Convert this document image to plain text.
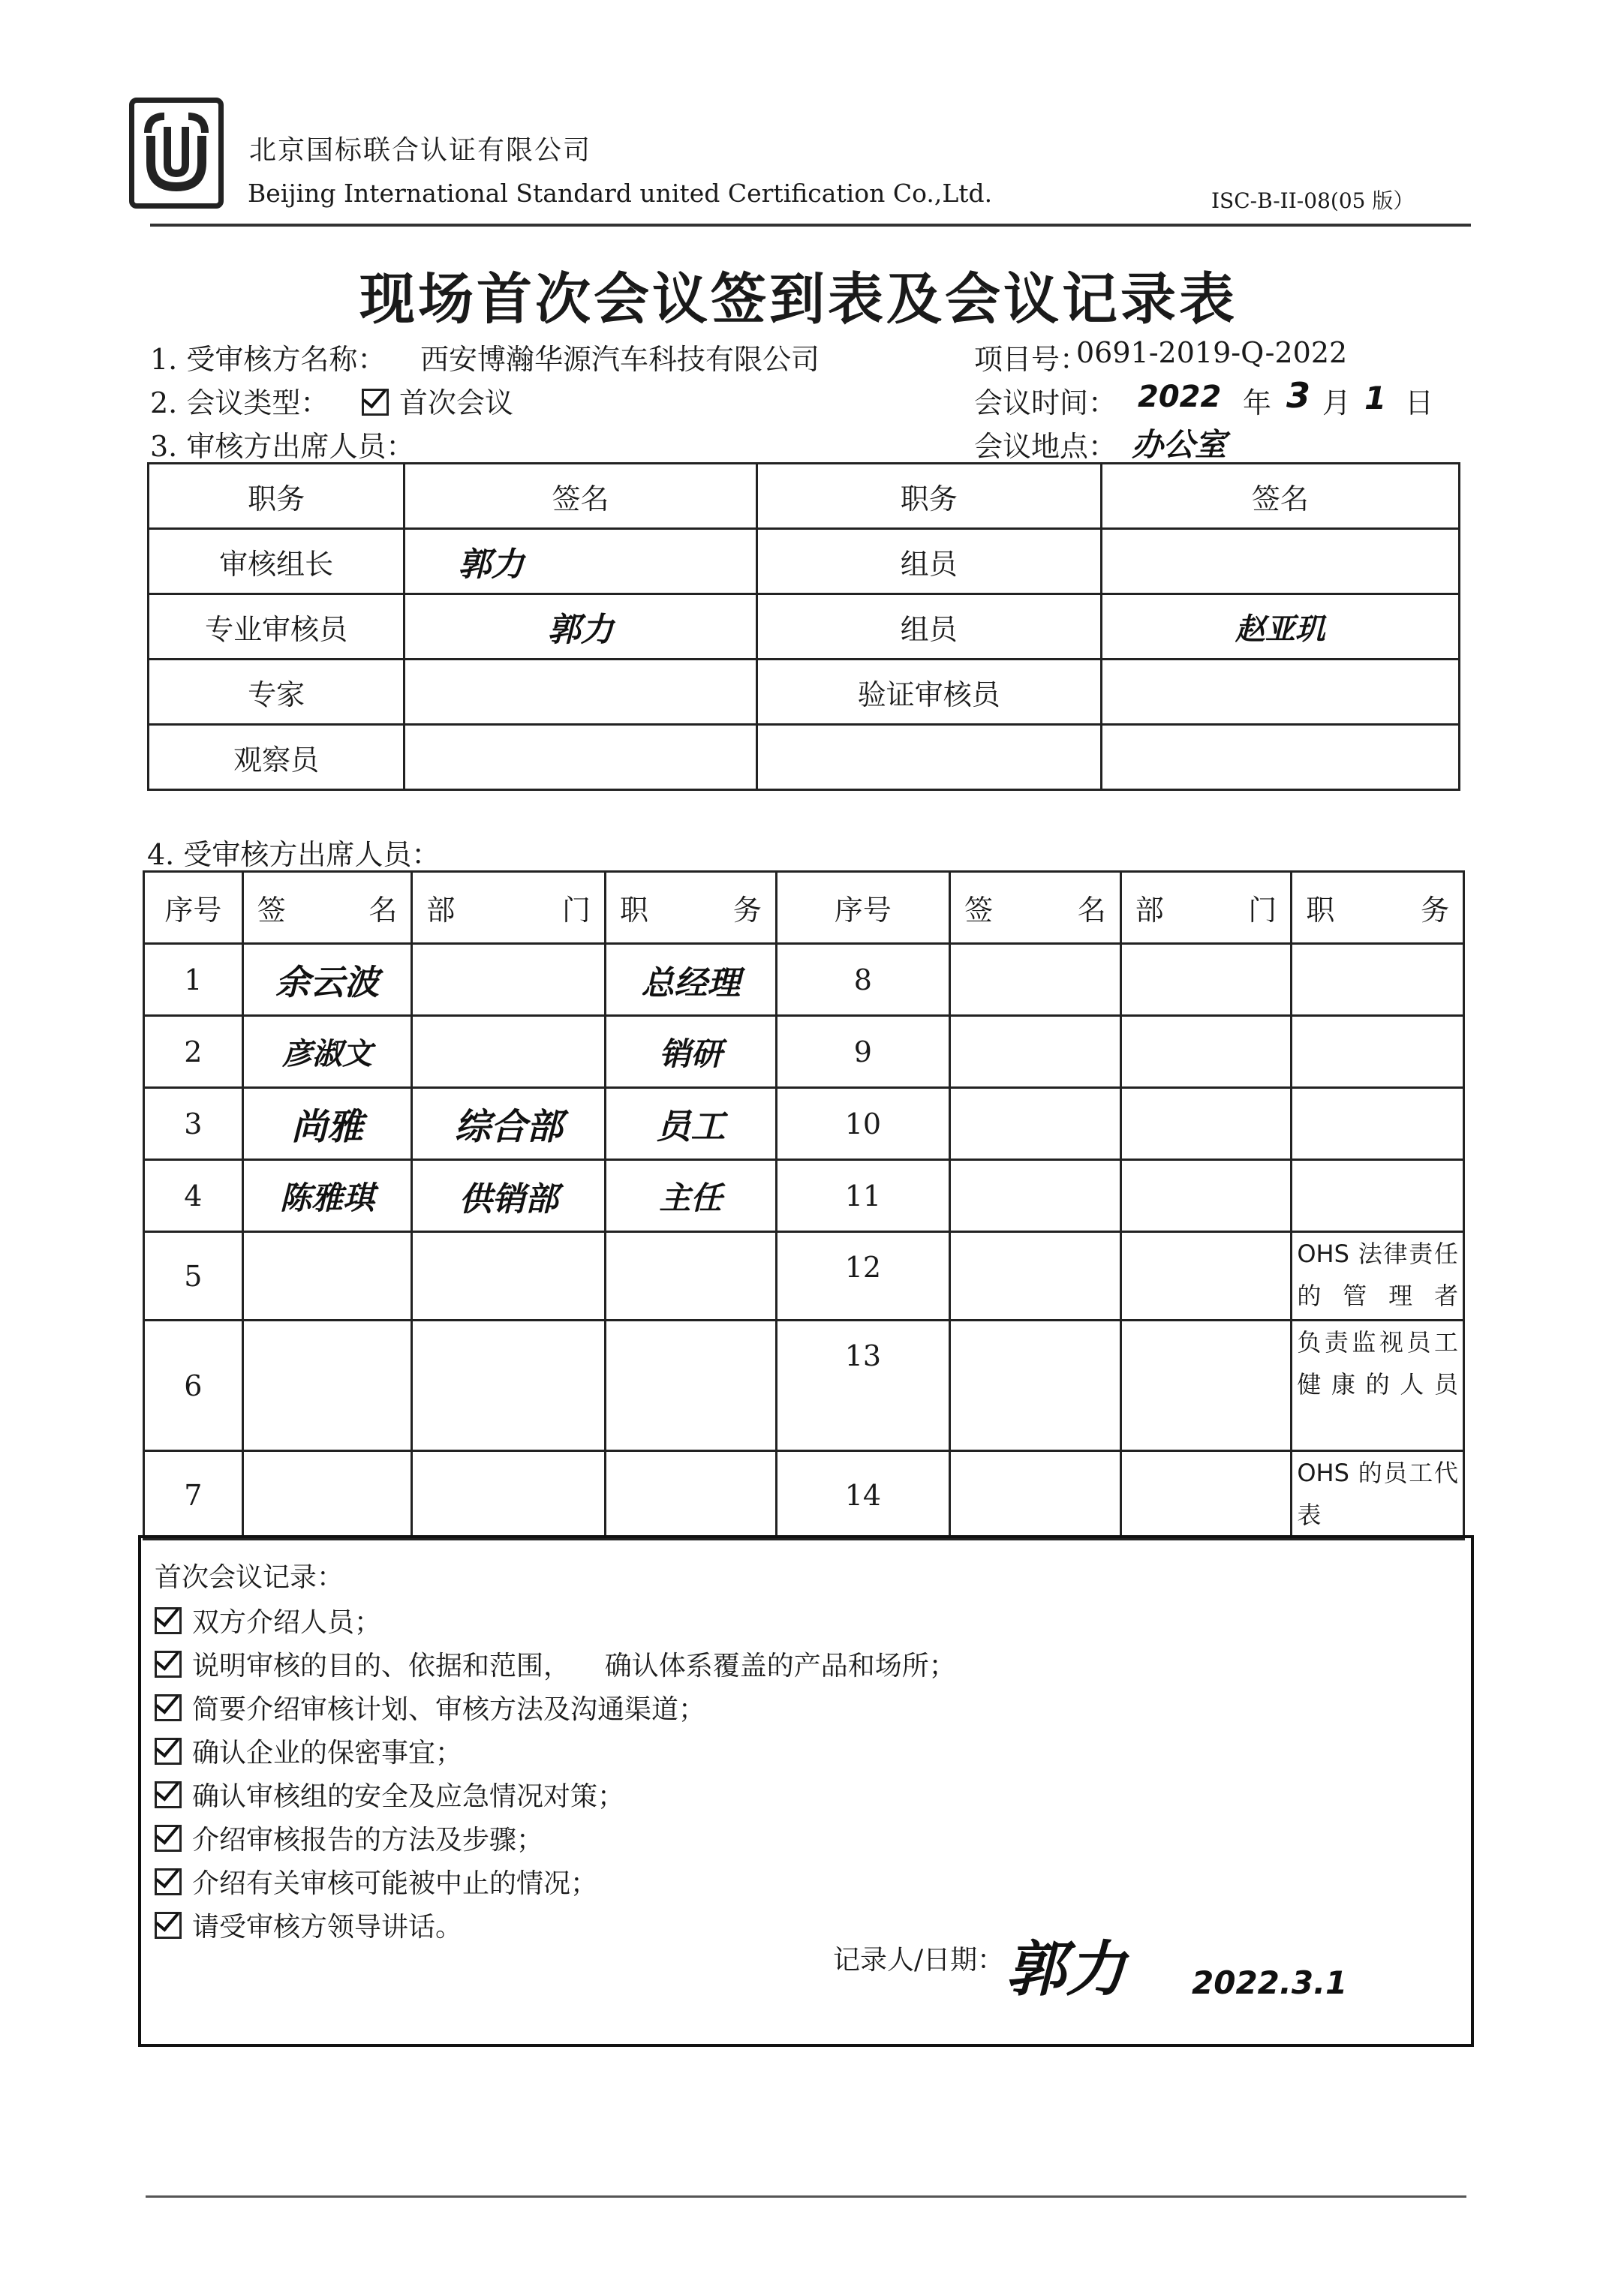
北京国标联合认证有限公司
Beijing International Standard united Certification Co.,Ltd.	ISC-B-II-08(05 版）
现场首次会议签到表及会议记录表
1. 受审核方名称： 西安博瀚华源汽车科技有限公司	项目号：
0691-2019-Q-2022
2. 会议类型：	首次会议	会议时间： 2022 年 3 月 1 日
3. 审核方出席人员：	会议地点： 办公室
职务	签名	职务	签名
审核组长	郭力	组员	
专业审核员	郭力	组员	赵亚玑
专家		验证审核员	
观察员			
4. 受审核方出席人员：
序号	签 名	部 门	职 务	序号	签 名	部 门	职 务

1	余云波		总经理	8			
2	彦淑文		销研	9			
3	尚雅	综合部	员工	10			
4	陈雅琪	供销部	主任	11			
5				12			OHS 法律责任的管理者
6				13			负责监视员工健康的人员
7				14			OHS 的员工代表
首次会议记录：
双方介绍人员；
说明审核的目的、依据和范围，    确认体系覆盖的产品和场所；
简要介绍审核计划、审核方法及沟通渠道；
确认企业的保密事宜；
确认审核组的安全及应急情况对策；
介绍审核报告的方法及步骤；
介绍有关审核可能被中止的情况；
请受审核方领导讲话。
记录人/日期： 郭力 2022.3.1
